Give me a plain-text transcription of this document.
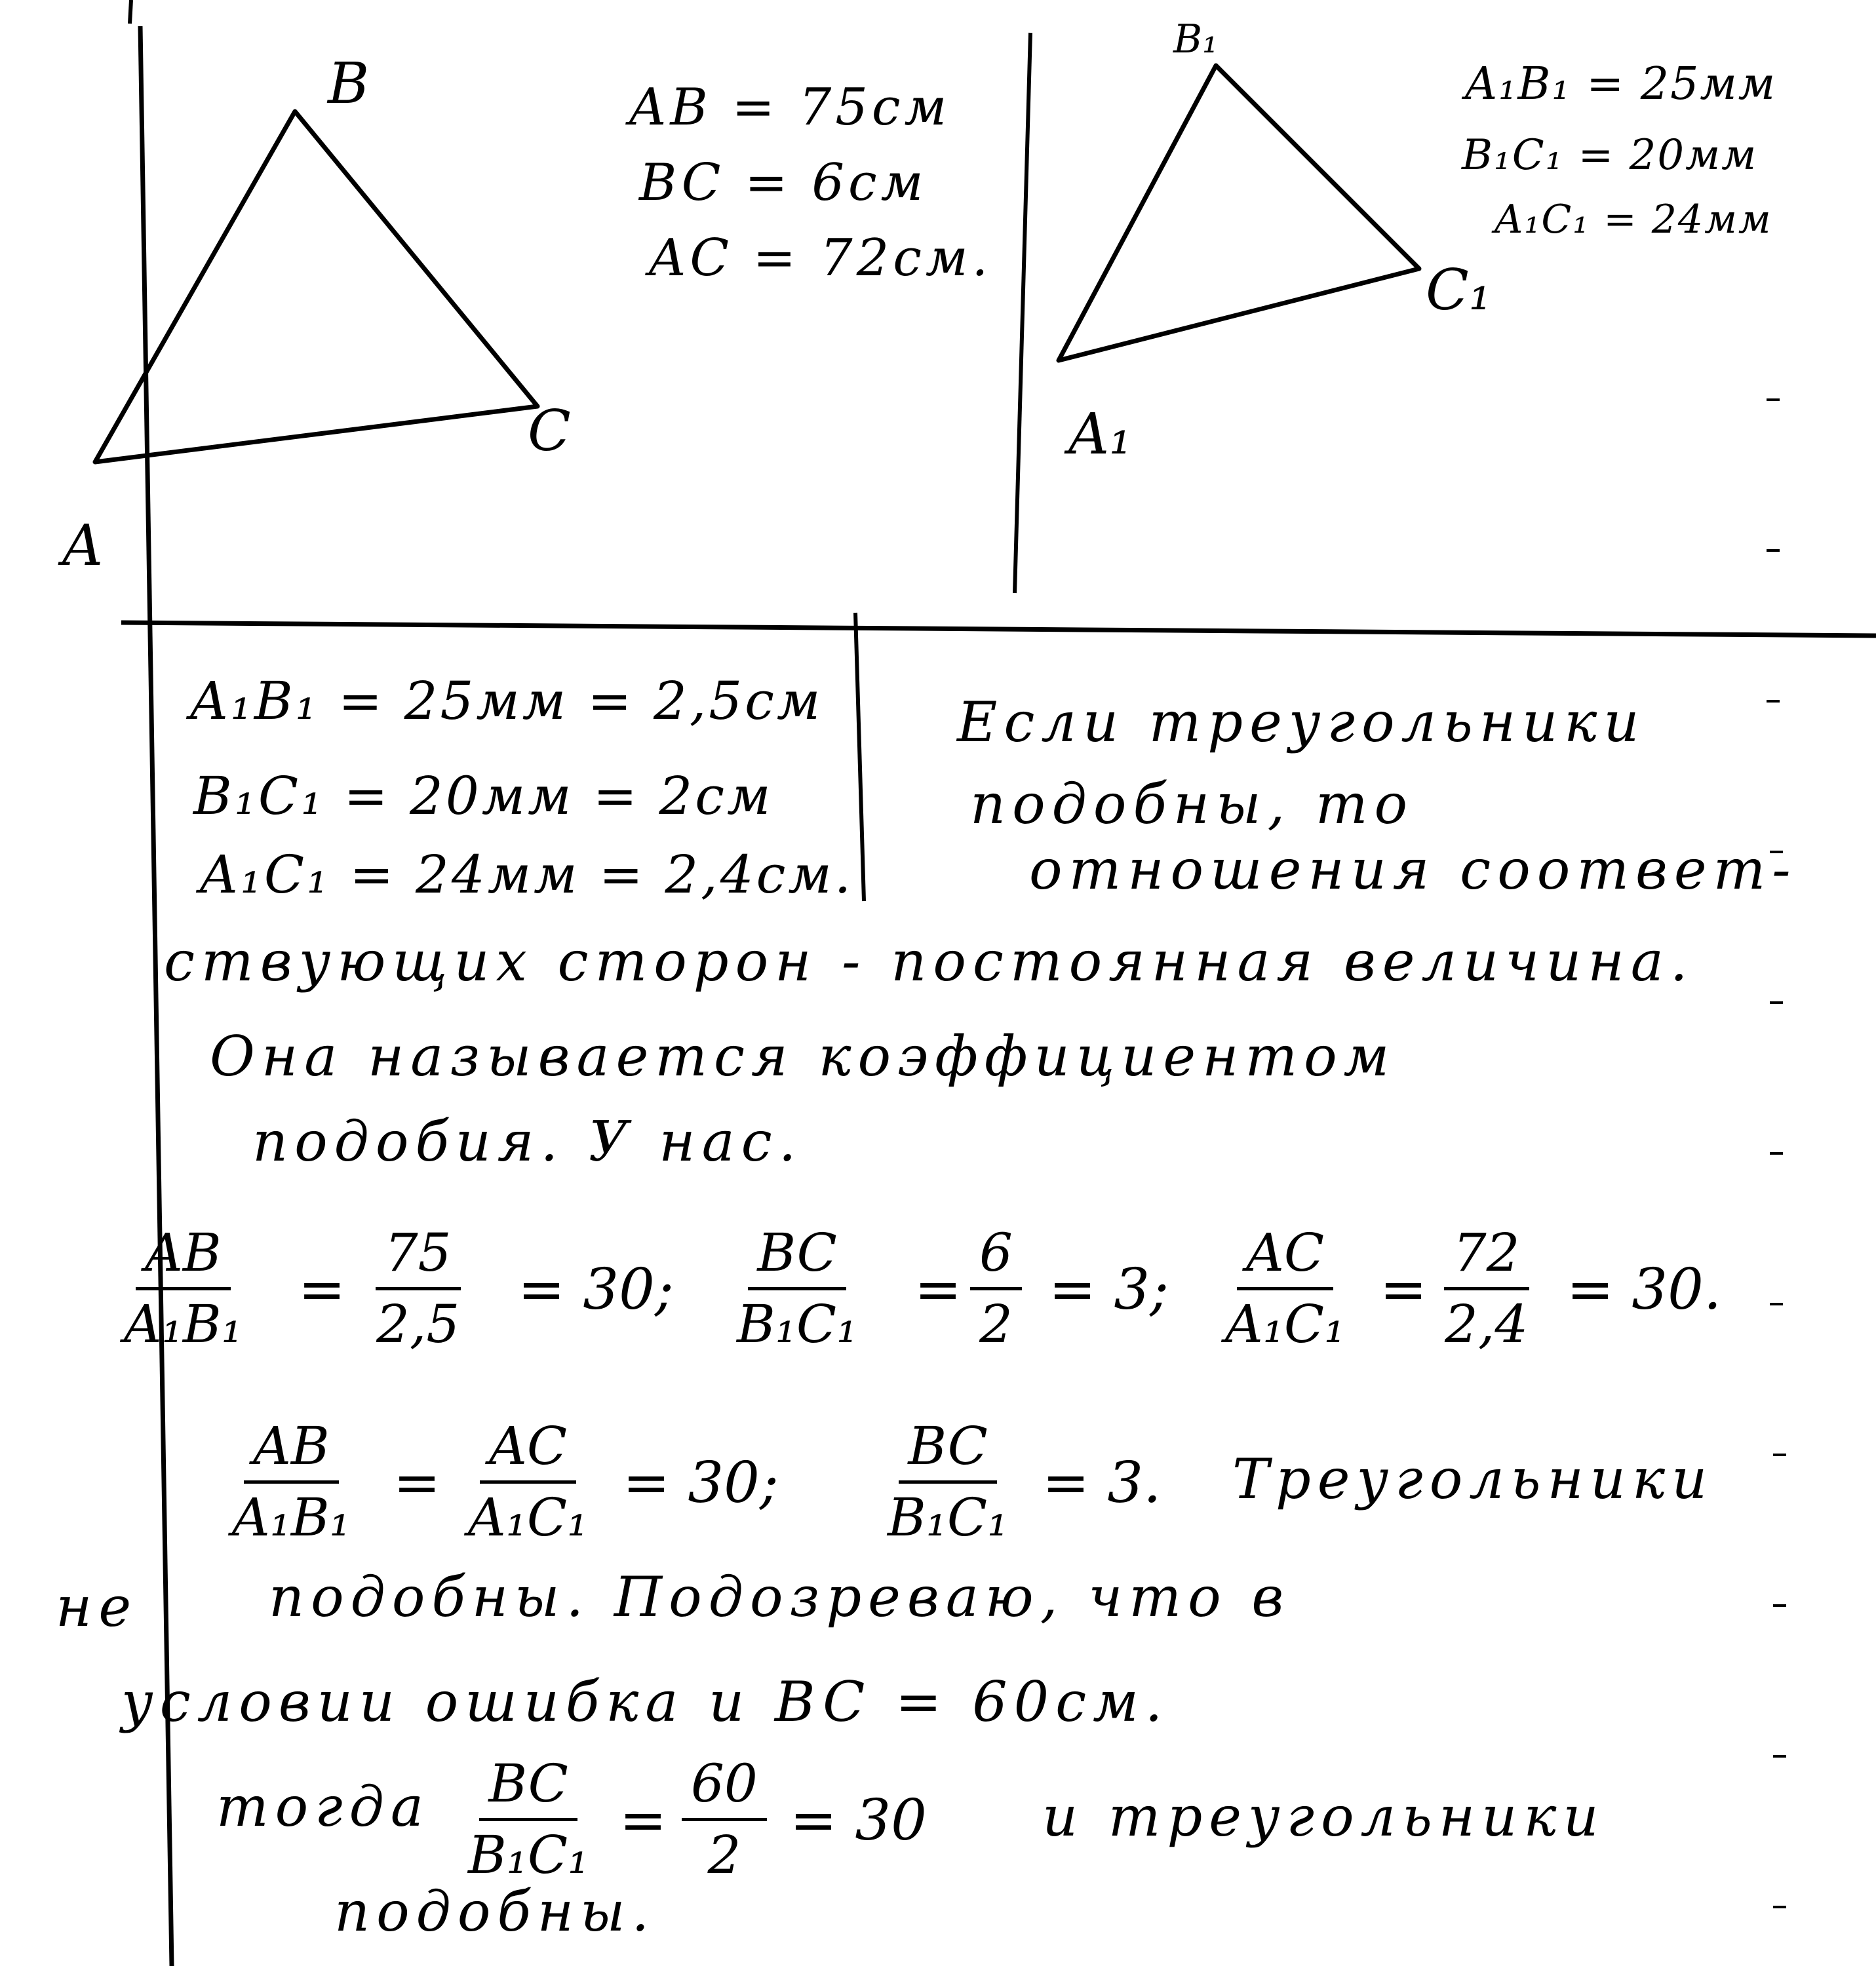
B
A
C
AB = 75см
BC = 6см
AC = 72см.
B₁
A₁
C₁
A₁B₁ = 25мм
B₁C₁ = 20мм
A₁C₁ = 24мм
A₁B₁ = 25мм = 2,5см
B₁C₁ = 20мм = 2см
A₁C₁ = 24мм = 2,4см.
Если треугольники
подобны, то
отношения соответ-
ствующих сторон - постоянная величина.
Она называется коэффициентом
подобия. У нас.
$\frac{AB}{\text{A₁B₁}} = \frac{75}{2,5} = 30$; $\frac{BC}{\text{B₁C₁}} = \frac{6}{2} = 3$; $\frac{AC}{\text{A₁C₁}} = \frac{72}{2,4} = 30$.
$\frac{AB}{\text{A₁B₁}} = \frac{AC}{\text{A₁C₁}} = 30$; $\frac{BC}{\text{B₁C₁}} = 3$. Треугольники
не подобны. Подозреваю, что в
условии ошибка и BC = 60см.
тогда $\frac{BC}{\text{B₁C₁}} = \frac{60}{2} = 30$ и треугольники
подобны.
